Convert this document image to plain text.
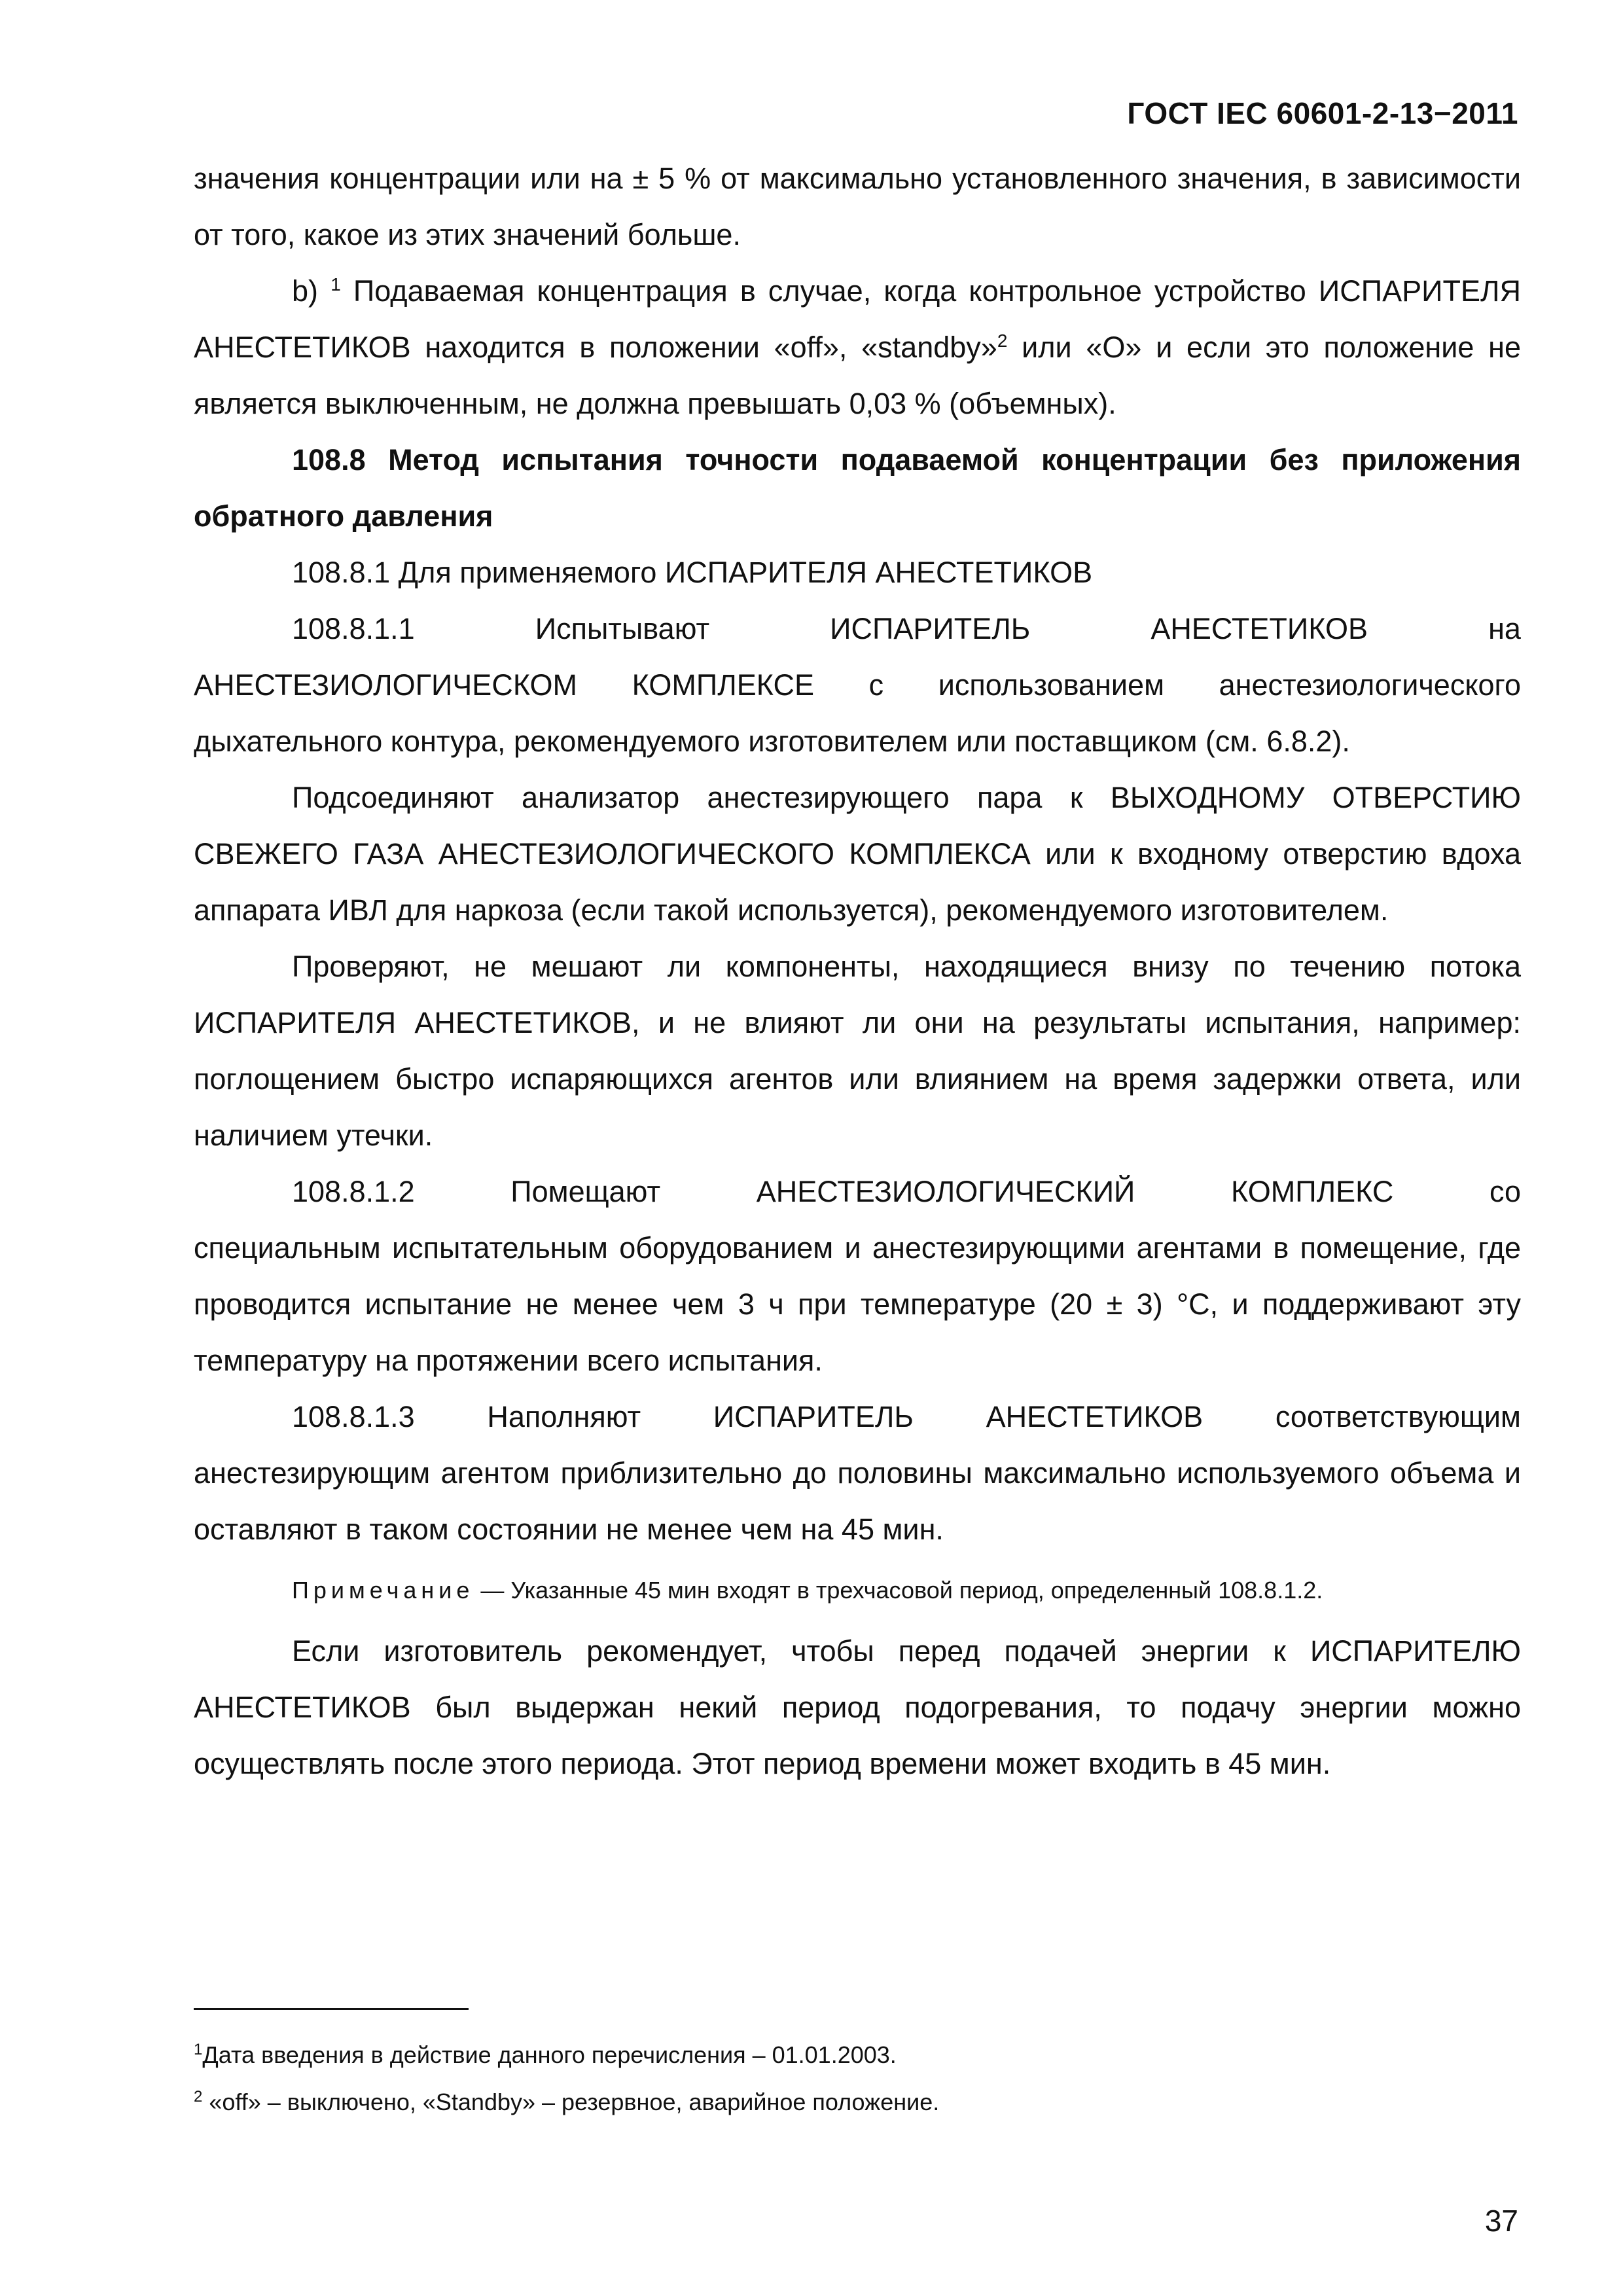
ГОСТ IEC 60601-2-13−2011

значения концентрации или на ± 5 % от максимально установленного значения, в зависимости от того, какое из этих значений больше.

b) $^1$ Подаваемая концентрация в случае, когда контрольное устройство ИСПАРИТЕЛЯ АНЕСТЕТИКОВ находится в положении «off», «standby»$^2$ или «О» и если это положение не является выключенным, не должна превышать 0,03 % (объемных).

108.8 Метод испытания точности подаваемой концентрации без приложения обратного давления

108.8.1 Для применяемого ИСПАРИТЕЛЯ АНЕСТЕТИКОВ

108.8.1.1	Испытывают	ИСПАРИТЕЛЬ	АНЕСТЕТИКОВ	на

АНЕСТЕЗИОЛОГИЧЕСКОМ КОМПЛЕКСЕ с использованием анестезиологического дыхательного контура, рекомендуемого изготовителем или поставщиком (см. 6.8.2).

Подсоединяют анализатор анестезирующего пара к ВЫХОДНОМУ ОТВЕРСТИЮ СВЕЖЕГО ГАЗА АНЕСТЕЗИОЛОГИЧЕСКОГО КОМПЛЕКСА или к входному отверстию вдоха аппарата ИВЛ для наркоза (если такой используется), рекомендуемого изготовителем.

Проверяют, не мешают ли компоненты, находящиеся внизу по течению потока ИСПАРИТЕЛЯ АНЕСТЕТИКОВ, и не влияют ли они на результаты испытания, например: поглощением быстро испаряющихся агентов или влиянием на время задержки ответа, или наличием утечки.

108.8.1.2	Помещают	АНЕСТЕЗИОЛОГИЧЕСКИЙ	КОМПЛЕКС	со

специальным испытательным оборудованием и анестезирующими агентами в помещение, где проводится испытание не менее чем 3 ч при температуре (20 ± 3) °С, и поддерживают эту температуру на протяжении всего испытания.

108.8.1.3 Наполняют ИСПАРИТЕЛЬ АНЕСТЕТИКОВ соответствующим

анестезирующим агентом приблизительно до половины максимально используемого объема и оставляют в таком состоянии не менее чем на 45 мин.

Примечание — Указанные 45 мин входят в трехчасовой период, определенный 108.8.1.2.

Если изготовитель рекомендует, чтобы перед подачей энергии к ИСПАРИТЕЛЮ АНЕСТЕТИКОВ был выдержан некий период подогревания, то подачу энергии можно осуществлять после этого периода. Этот период времени может входить в 45 мин.

$^1$Дата введения в действие данного перечисления – 01.01.2003.
$^2$ «off» – выключено, «Standby» – резервное, аварийное положение.
37
